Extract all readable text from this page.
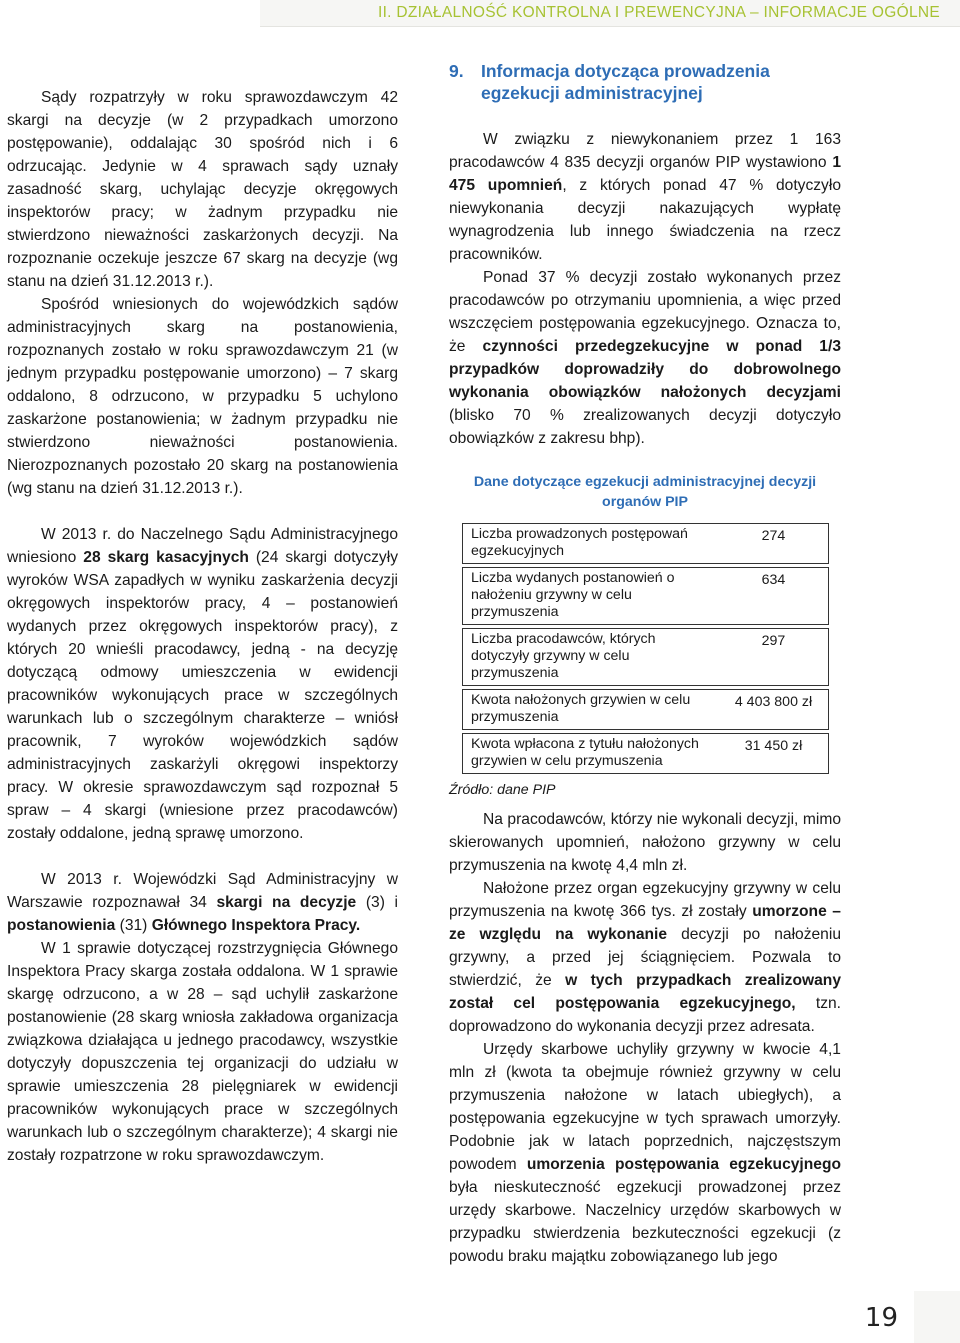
II. DZIAŁALNOŚĆ KONTROLNA I PREWENCYJNA – INFORMACJE OGÓLNE

Sądy rozpatrzyły w roku sprawozdawczym 42 skargi na decyzje (w 2 przypadkach umorzono postępowanie), oddalając 30 spośród nich i 6 odrzucając. Jedynie w 4 sprawach sądy uznały zasadność skarg, uchylając decyzje okręgowych inspektorów pracy; w żadnym przypadku nie stwierdzono nieważności zaskarżonych decyzji. Na rozpoznanie oczekuje jeszcze 67 skarg na decyzje (wg stanu na dzień 31.12.2013 r.).

Spośród wniesionych do wojewódzkich sądów administracyjnych skarg na postanowienia, rozpoznanych zostało w roku sprawozdawczym 21 (w jednym przypadku postępowanie umorzono) – 7 skarg oddalono, 8 odrzucono, w przypadku 5 uchylono zaskarżone postanowienia; w żadnym przypadku nie stwierdzono nieważności postanowienia. Nierozpoznanych pozostało 20 skarg na postanowienia (wg stanu na dzień 31.12.2013 r.).

W 2013 r. do Naczelnego Sądu Administracyjnego wniesiono 28 skarg kasacyjnych (24 skargi dotyczyły wyroków WSA zapadłych w wyniku zaskarżenia decyzji okręgowych inspektorów pracy, 4 – postanowień wydanych przez okręgowych inspektorów pracy), z których 20 wnieśli pracodawcy, jedną - na decyzję dotyczącą odmowy umieszczenia w ewidencji pracowników wykonujących prace w szczególnych warunkach lub o szczególnym charakterze – wniósł pracownik, 7 wyroków wojewódzkich sądów administracyjnych zaskarżyli okręgowi inspektorzy pracy. W okresie sprawozdawczym sąd rozpoznał 5 spraw – 4 skargi (wniesione przez pracodawców) zostały oddalone, jedną sprawę umorzono.

W 2013 r. Wojewódzki Sąd Administracyjny w Warszawie rozpoznawał 34 skargi na decyzje (3) i postanowienia (31) Głównego Inspektora Pracy.

W 1 sprawie dotyczącej rozstrzygnięcia Głównego Inspektora Pracy skarga została oddalona. W 1 sprawie skargę odrzucono, a w 28 – sąd uchylił zaskarżone postanowienie (28 skarg wniosła zakładowa organizacja związkowa działająca u jednego pracodawcy, wszystkie dotyczyły dopuszczenia tej organizacji do udziału w sprawie umieszczenia 28 pielęgniarek w ewidencji pracowników wykonujących prace w szczególnych warunkach lub o szczególnym charakterze); 4 skargi nie zostały rozpatrzone w roku sprawozdawczym.

9. Informacja dotycząca prowadzenia egzekucji administracyjnej

W związku z niewykonaniem przez 1 163 pracodawców 4 835 decyzji organów PIP wystawiono 1 475 upomnień, z których ponad 47 % dotyczyło niewykonania decyzji nakazujących wypłatę wynagrodzenia lub innego świadczenia na rzecz pracowników.

Ponad 37 % decyzji zostało wykonanych przez pracodawców po otrzymaniu upomnienia, a więc przed wszczęciem postępowania egzekucyjnego. Oznacza to, że czynności przedegzekucyjne w ponad 1/3 przypadków doprowadziły do dobrowolnego wykonania obowiązków nałożonych decyzjami (blisko 70 % zrealizowanych decyzji dotyczyło obowiązków z zakresu bhp).

Dane dotyczące egzekucji administracyjnej decyzji organów PIP
Liczba prowadzonych postępowań egzekucyjnych	274
Liczba wydanych postanowień o nałożeniu grzywny w celu przymuszenia	634
Liczba pracodawców, których dotyczyły grzywny w celu przymuszenia	297
Kwota nałożonych grzywien w celu przymuszenia	4 403 800 zł
Kwota wpłacona z tytułu nałożonych grzywien w celu przymuszenia	31 450 zł
Źródło: dane PIP

Na pracodawców, którzy nie wykonali decyzji, mimo skierowanych upomnień, nałożono grzywny w celu przymuszenia na kwotę 4,4 mln zł.

Nałożone przez organ egzekucyjny grzywny w celu przymuszenia na kwotę 366 tys. zł zostały umorzone – ze względu na wykonanie decyzji po nałożeniu grzywny, a przed jej ściągnięciem. Pozwala to stwierdzić, że w tych przypadkach zrealizowany został cel postępowania egzekucyjnego, tzn. doprowadzono do wykonania decyzji przez adresata.

Urzędy skarbowe uchyliły grzywny w kwocie 4,1 mln zł (kwota ta obejmuje również grzywny w celu przymuszenia nałożone w latach ubiegłych), a postępowania egzekucyjne w tych sprawach umorzyły. Podobnie jak w latach poprzednich, najczęstszym powodem umorzenia postępowania egzekucyjnego była nieskuteczność egzekucji prowadzonej przez urzędy skarbowe. Naczelnicy urzędów skarbowych w przypadku stwierdzenia bezkuteczności egzekucji (z powodu braku majątku zobowiązanego lub jego

19
